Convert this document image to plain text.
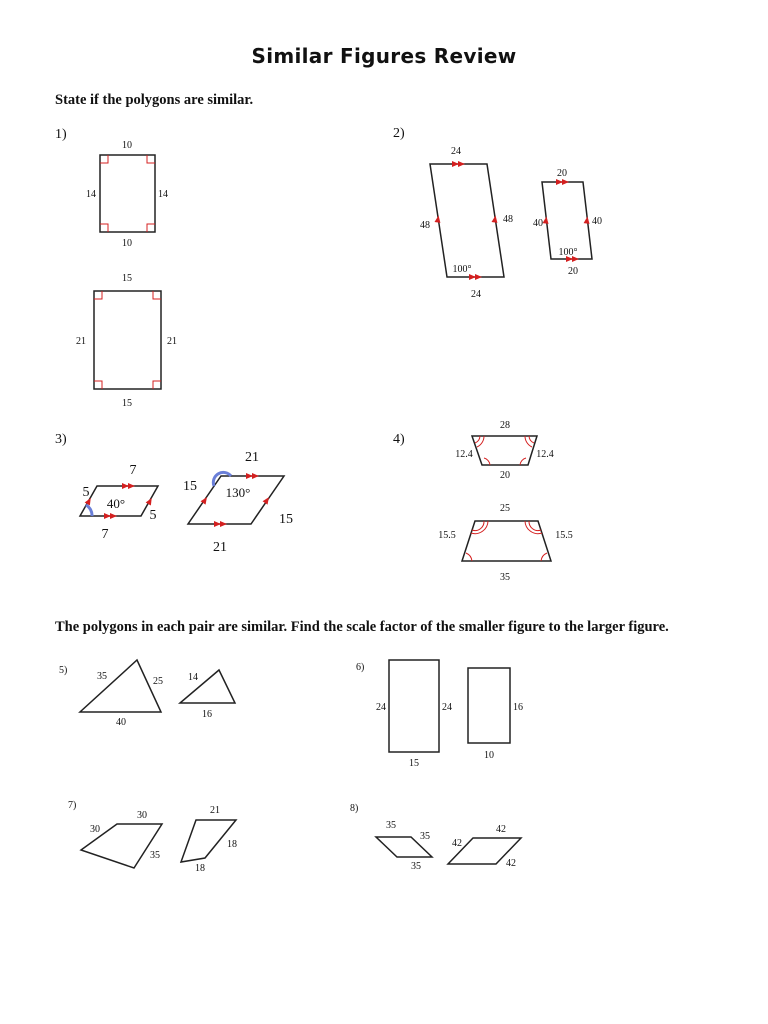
Similar Figures Review
State if the polygons are similar.
The polygons in each pair are similar. Find the scale factor of the smaller figure to the larger figure.
1)
10
10
14	14
15
15
21	21
2)
24
24
48
48
100°
20
20
40	40
100°
3)
7
7
5
5
40°
21
21
15
15
130°
4)
28
20
12.4	12.4
25
35
15.5	15.5
5)
35	25
40
14
16
6)
24	24
15
16
10
7)
30
30
35
21
18
18
8)
35
35
35
42
42
42
